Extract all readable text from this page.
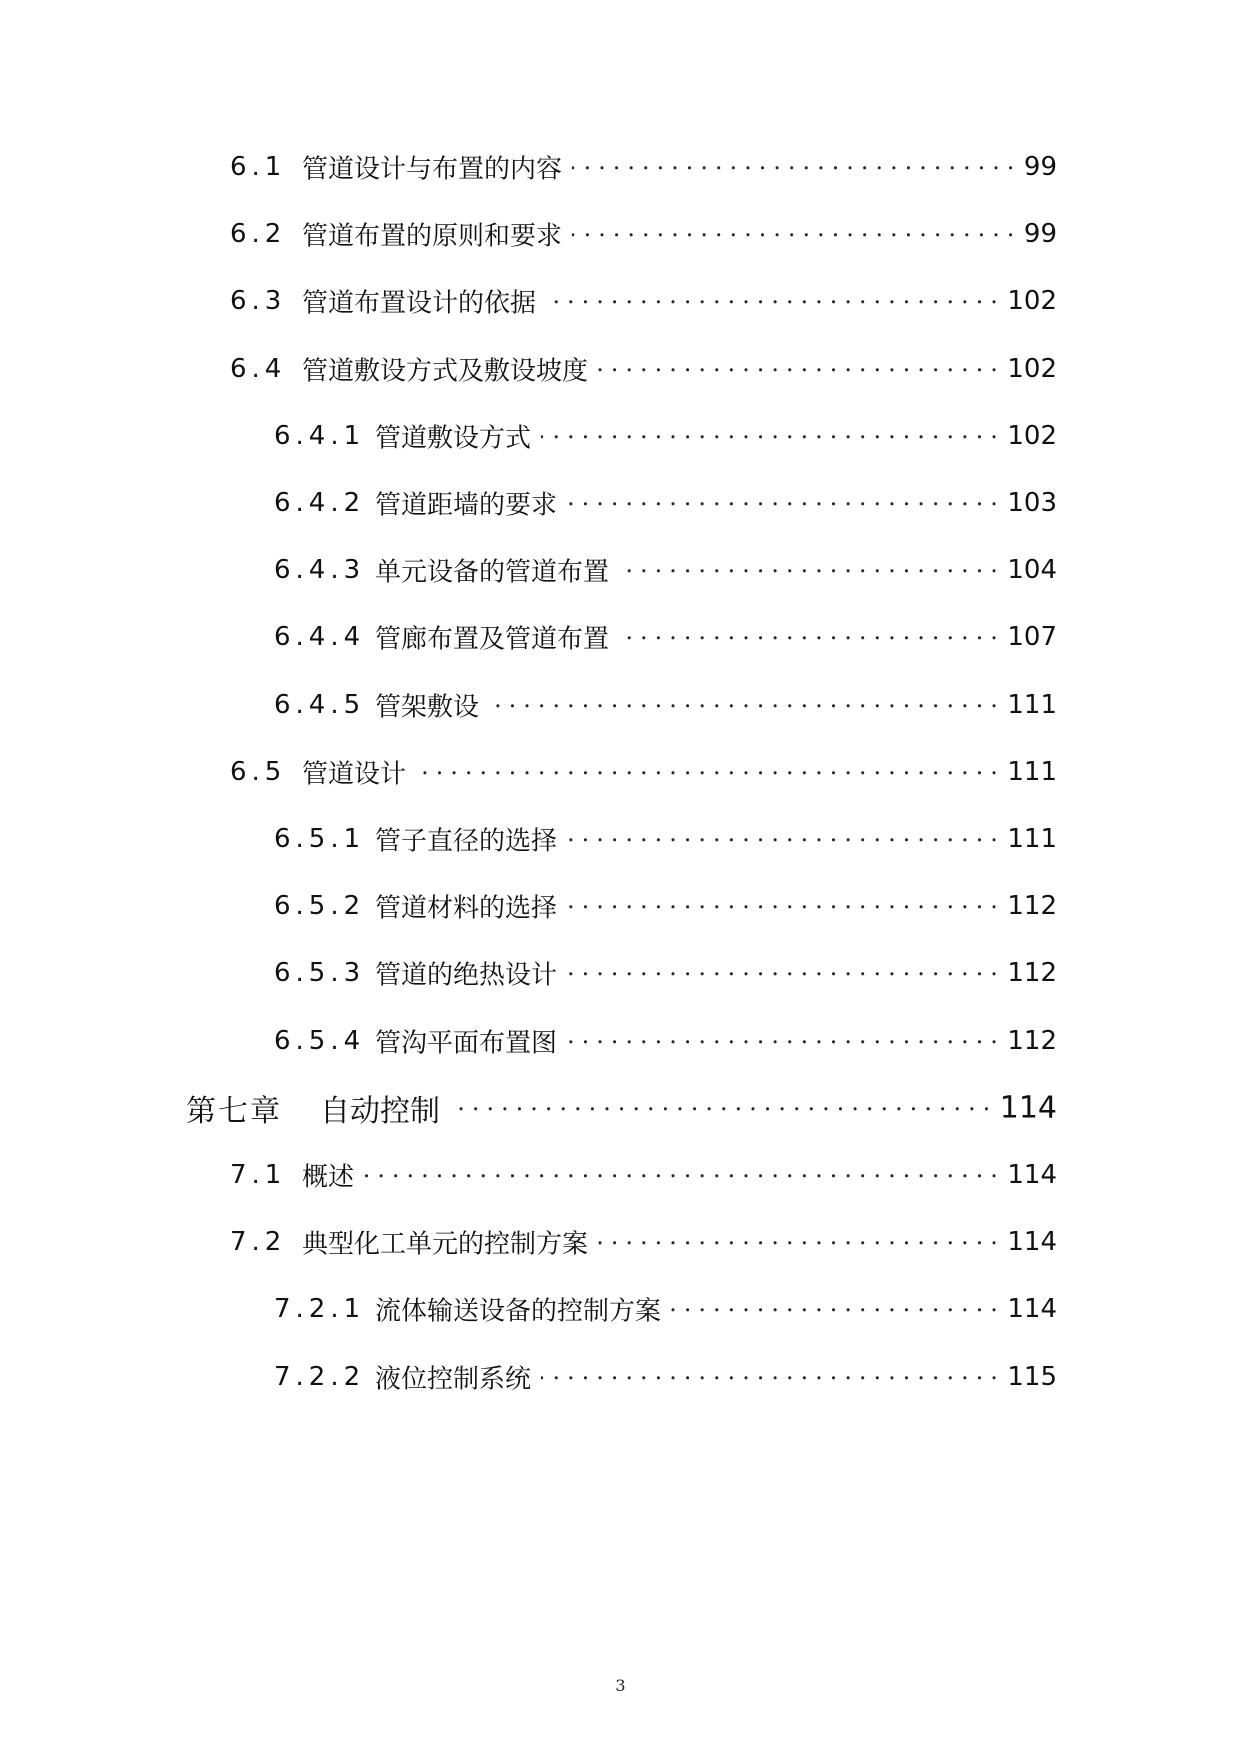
6.1 管道设计与布置的内容	99
6.2 管道布置的原则和要求	99
6.3 管道布置设计的依据	102
6.4 管道敷设方式及敷设坡度	102
6.4.1 管道敷设方式	102
6.4.2 管道距墙的要求	103
6.4.3 单元设备的管道布置	104
6.4.4 管廊布置及管道布置	107
6.4.5 管架敷设	111
6.5 管道设计	111
6.5.1 管子直径的选择	111
6.5.2 管道材料的选择	112
6.5.3 管道的绝热设计	112
6.5.4 管沟平面布置图	112
第七章 自动控制	114
7.1 概述	114
7.2 典型化工单元的控制方案	114
7.2.1 流体输送设备的控制方案	114
7.2.2 液位控制系统	115
3
